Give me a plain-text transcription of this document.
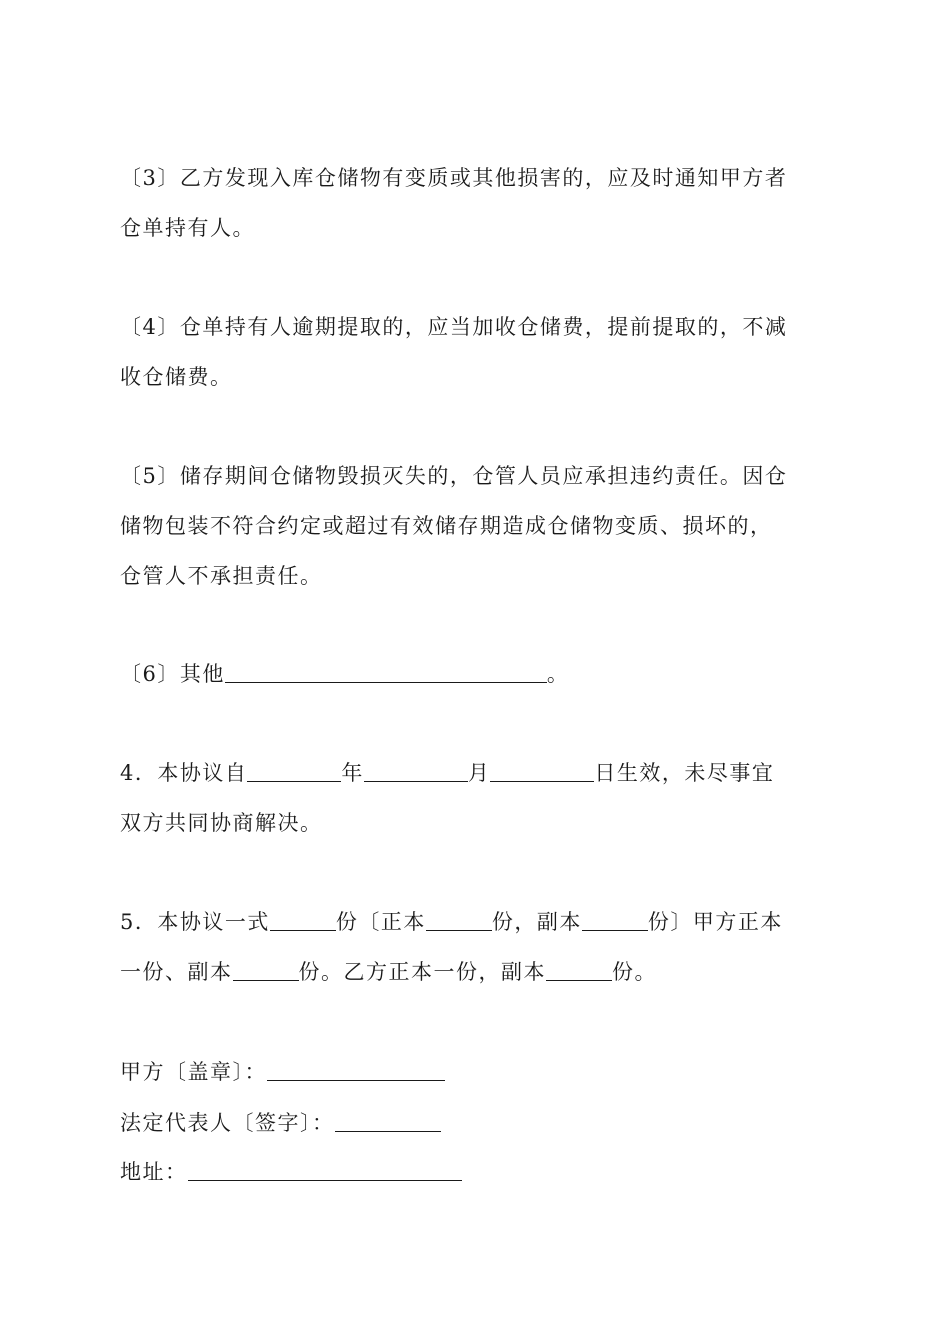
〔3〕乙方发现入库仓储物有变质或其他损害的，应及时通知甲方者
仓单持有人。

〔4〕仓单持有人逾期提取的，应当加收仓储费，提前提取的，不减
收仓储费。

〔5〕储存期间仓储物毁损灭失的，仓管人员应承担违约责任。因仓
储物包装不符合约定或超过有效储存期造成仓储物变质、损坏的，
仓管人不承担责任。

〔6〕其他	。

4．本协议自	年	月	日生效，未尽事宜
双方共同协商解决。

5．本协议一式	份〔正本	份，副本	份〕甲方正本
一份、副本	份。乙方正本一份，副本	份。

甲方〔盖章〕：
法定代表人〔签字〕：
地址：
